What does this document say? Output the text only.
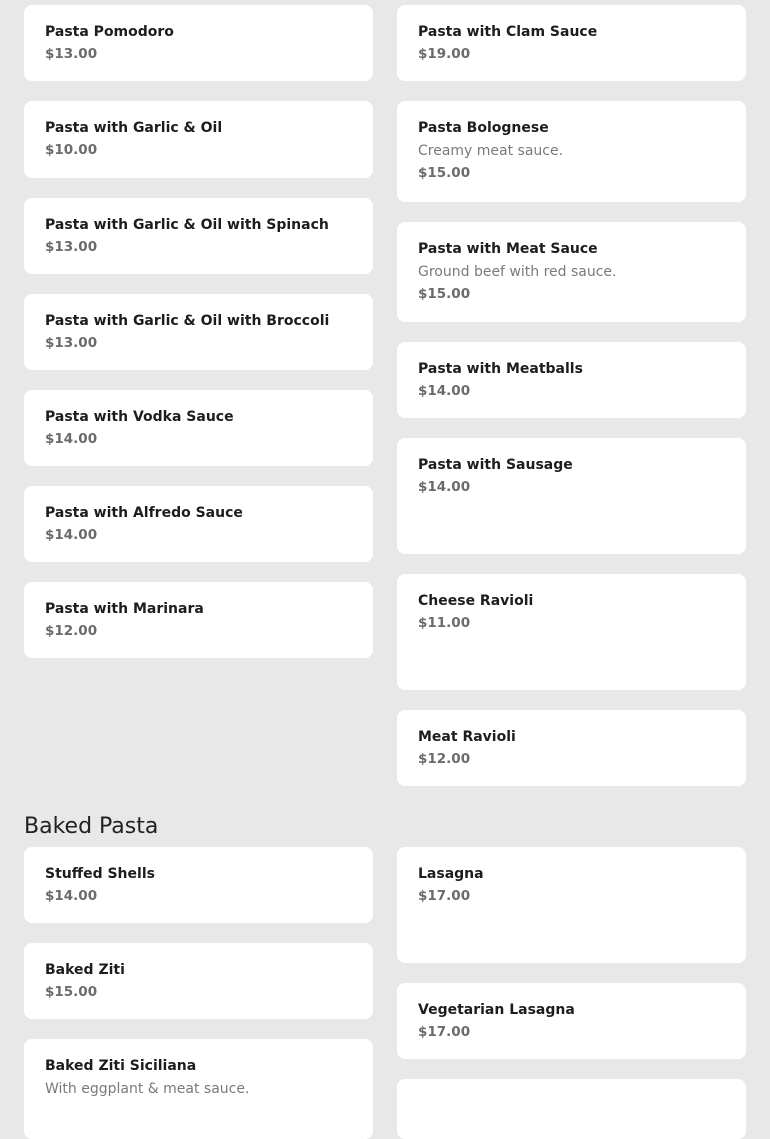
Pasta Pomodoro
$13.00
Pasta with Garlic & Oil
$10.00
Pasta with Garlic & Oil with Spinach
$13.00
Pasta with Garlic & Oil with Broccoli
$13.00
Pasta with Vodka Sauce
$14.00
Pasta with Alfredo Sauce
$14.00
Pasta with Marinara
$12.00
Pasta with Clam Sauce
$19.00
Pasta Bolognese
Creamy meat sauce.
$15.00
Pasta with Meat Sauce
Ground beef with red sauce.
$15.00
Pasta with Meatballs
$14.00
Pasta with Sausage
$14.00
Cheese Ravioli
$11.00
Meat Ravioli
$12.00
Baked Pasta
Stuffed Shells
$14.00
Baked Ziti
$15.00
Baked Ziti Siciliana
With eggplant & meat sauce.
Lasagna
$17.00
Vegetarian Lasagna
$17.00
